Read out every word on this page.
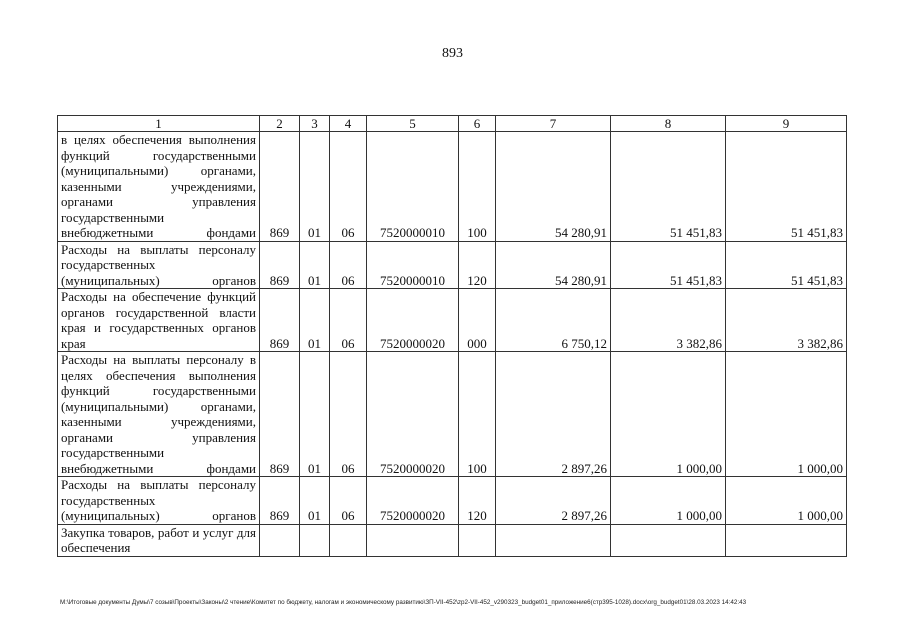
893
1	2	3	4	5	6	7	8	9
в целях обеспечения выполнения функций государственными (муниципальными) органами, казенными учреждениями, органами управления государственными внебюджетными фондами	869	01	06	7520000010	100	54 280,91	51 451,83	51 451,83
Расходы на выплаты персоналу государственных (муниципальных) органов	869	01	06	7520000010	120	54 280,91	51 451,83	51 451,83
Расходы на обеспечение функций органов государственной власти края и государственных органов края	869	01	06	7520000020	000	6 750,12	3 382,86	3 382,86
Расходы на выплаты персоналу в целях обеспечения выполнения функций государственными (муниципальными) органами, казенными учреждениями, органами управления государственными внебюджетными фондами	869	01	06	7520000020	100	2 897,26	1 000,00	1 000,00
Расходы на выплаты персоналу государственных (муниципальных) органов	869	01	06	7520000020	120	2 897,26	1 000,00	1 000,00
Закупка товаров, работ и услуг для обеспечения								
M:\Итоговые документы Думы\7 созыв\Проекты\Законы\2 чтение\Комитет по бюджету, налогам и экономическому развитию\ЗП-VII-452\zp2-VII-452_v290323_budget01_приложение6(стр395-1028).docx\org_budget01\28.03.2023 14:42:43
